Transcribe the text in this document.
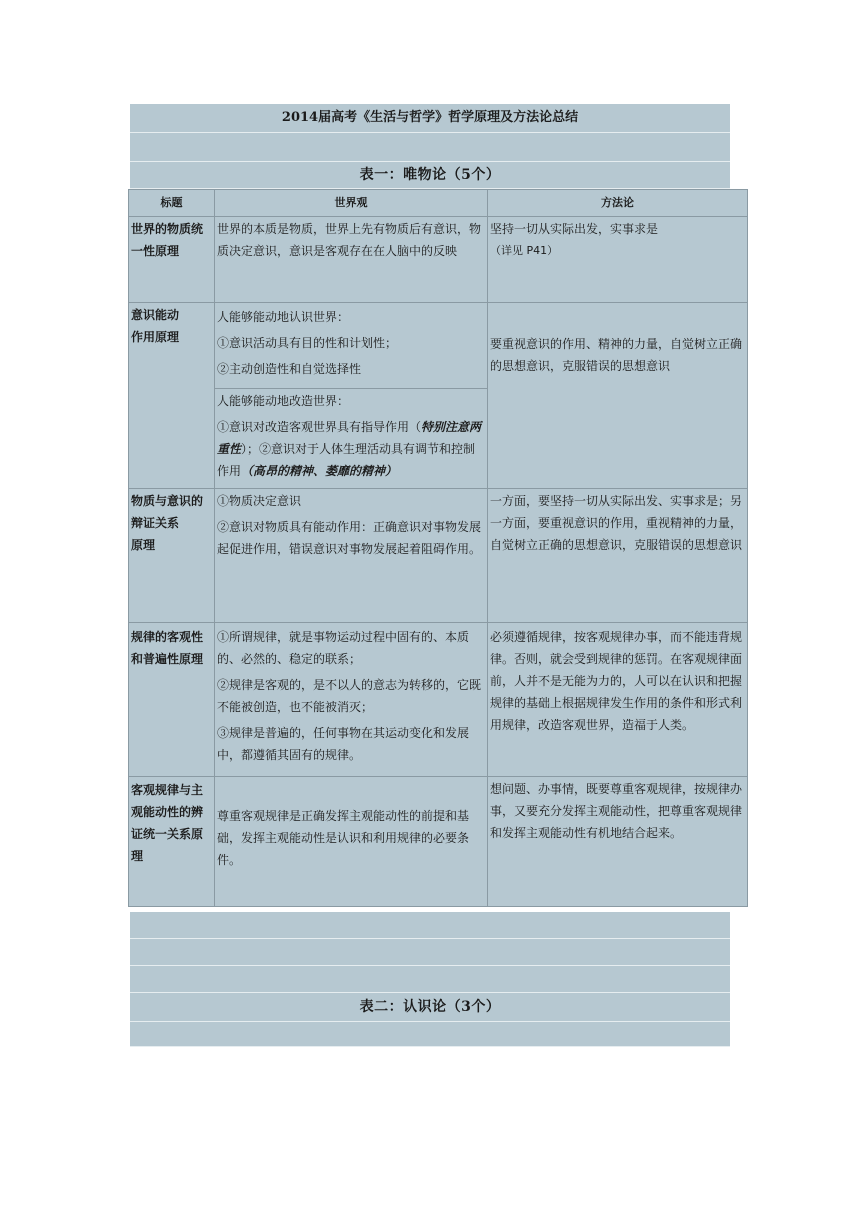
2014届高考《生活与哲学》哲学原理及方法论总结
表一：唯物论（5个）
标题	世界观	方法论
世界的物质统一性原理	世界的本质是物质，世界上先有物质后有意识，物质决定意识，意识是客观存在在人脑中的反映	坚持一切从实际出发，实事求是
（详见 P41）

意识能动
作用原理	人能够能动地认识世界：
①意识活动具有目的性和计划性；
②主动创造性和自觉选择性	要重视意识的作用、精神的力量，自觉树立正确的思想意识，克服错误的思想意识

	人能够能动地改造世界：
①意识对改造客观世界具有指导作用（特别注意两重性）；②意识对于人体生理活动具有调节和控制作用（高昂的精神、萎靡的精神）	

物质与意识的
辩证关系
原理	①物质决定意识
②意识对物质具有能动作用：正确意识对事物发展起促进作用，错误意识对事物发展起着阻碍作用。	一方面，要坚持一切从实际出发、实事求是；另一方面，要重视意识的作用，重视精神的力量，自觉树立正确的思想意识，克服错误的思想意识

规律的客观性
和普遍性原理	①所谓规律，就是事物运动过程中固有的、本质的、必然的、稳定的联系；
②规律是客观的，是不以人的意志为转移的，它既不能被创造，也不能被消灭；
③规律是普遍的，任何事物在其运动变化和发展中，都遵循其固有的规律。	必须遵循规律，按客观规律办事，而不能违背规律。否则，就会受到规律的惩罚。在客观规律面前，人并不是无能为力的，人可以在认识和把握规律的基础上根据规律发生作用的条件和形式利用规律，改造客观世界，造福于人类。
客观规律与主观能动性的辨证统一关系原理	尊重客观规律是正确发挥主观能动性的前提和基础，发挥主观能动性是认识和利用规律的必要条件。	想问题、办事情，既要尊重客观规律，按规律办事，又要充分发挥主观能动性，把尊重客观规律和发挥主观能动性有机地结合起来。
表二：认识论（3个）
